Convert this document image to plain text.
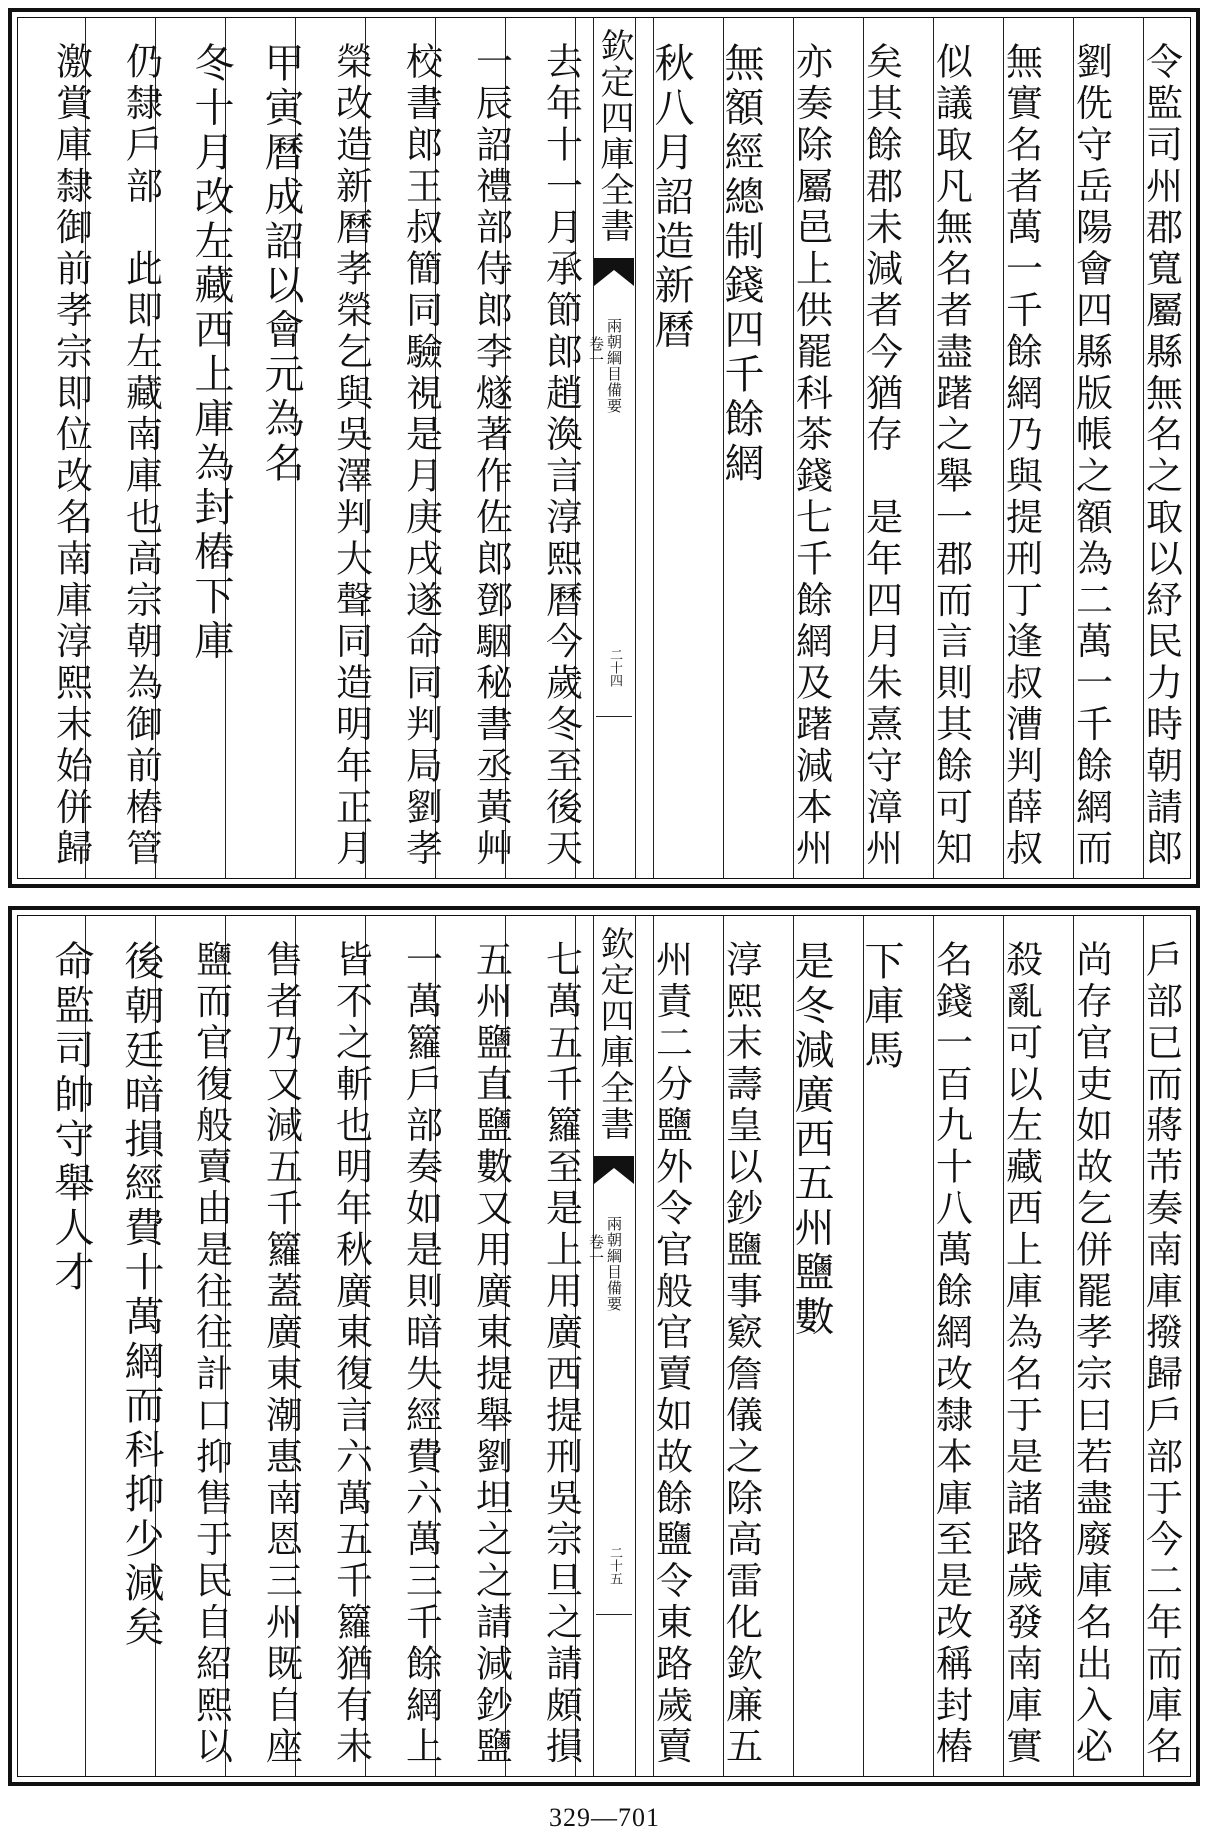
令監司州郡寬屬縣無名之取以紓民力時朝請郎
劉侁守岳陽會四縣版帳之額為二萬一千餘網而
無實名者萬一千餘網乃與提刑丁逢叔漕判薛叔
似議取凡無名者盡躇之舉一郡而言則其餘可知
矣其餘郡未減者今猶存　是年四月朱熹守漳州
亦奏除屬邑上供罷科茶錢七千餘網及躇減本州
無額經總制錢四千餘網
秋八月詔造新曆
欽定四庫全書
兩朝綱目備要
卷一
二十四
去年十一月承節郎趙渙言淳熙曆今歲冬至後天
一辰詔禮部侍郎李燧著作佐郎鄧駰秘書丞黃艸
校書郎王叔簡同驗視是月庚戌遂命同判局劉孝
榮改造新曆孝榮乞與吳澤判大聲同造明年正月
甲寅曆成詔以會元為名
冬十月改左藏西上庫為封樁下庫
仍隸戶部　此即左藏南庫也高宗朝為御前樁管
激賞庫隸御前孝宗即位改名南庫淳熙末始併歸
戶部已而蔣芾奏南庫撥歸戶部于今二年而庫名
尚存官吏如故乞併罷孝宗曰若盡廢庫名出入必
殺亂可以左藏西上庫為名于是諸路歲發南庫實
名錢一百九十八萬餘網改隸本庫至是改稱封樁
下庫馬
是冬減廣西五州鹽數
淳熙末壽皇以鈔鹽事窽詹儀之除高雷化欽廉五
州責二分鹽外令官般官賣如故餘鹽令東路歲賣
欽定四庫全書
兩朝綱目備要
卷一
二十五
七萬五千籮至是上用廣西提刑吳宗旦之請頗損
五州鹽直鹽數又用廣東提舉劉坦之之請減鈔鹽
一萬籮戶部奏如是則暗失經費六萬三千餘網上
皆不之斬也明年秋廣東復言六萬五千籮猶有未
售者乃又減五千籮蓋廣東潮惠南恩三州既自座
鹽而官復般賣由是往往計口抑售于民自紹熙以
後朝廷暗損經費十萬網而科抑少減矣
命監司帥守舉人才
329—701
